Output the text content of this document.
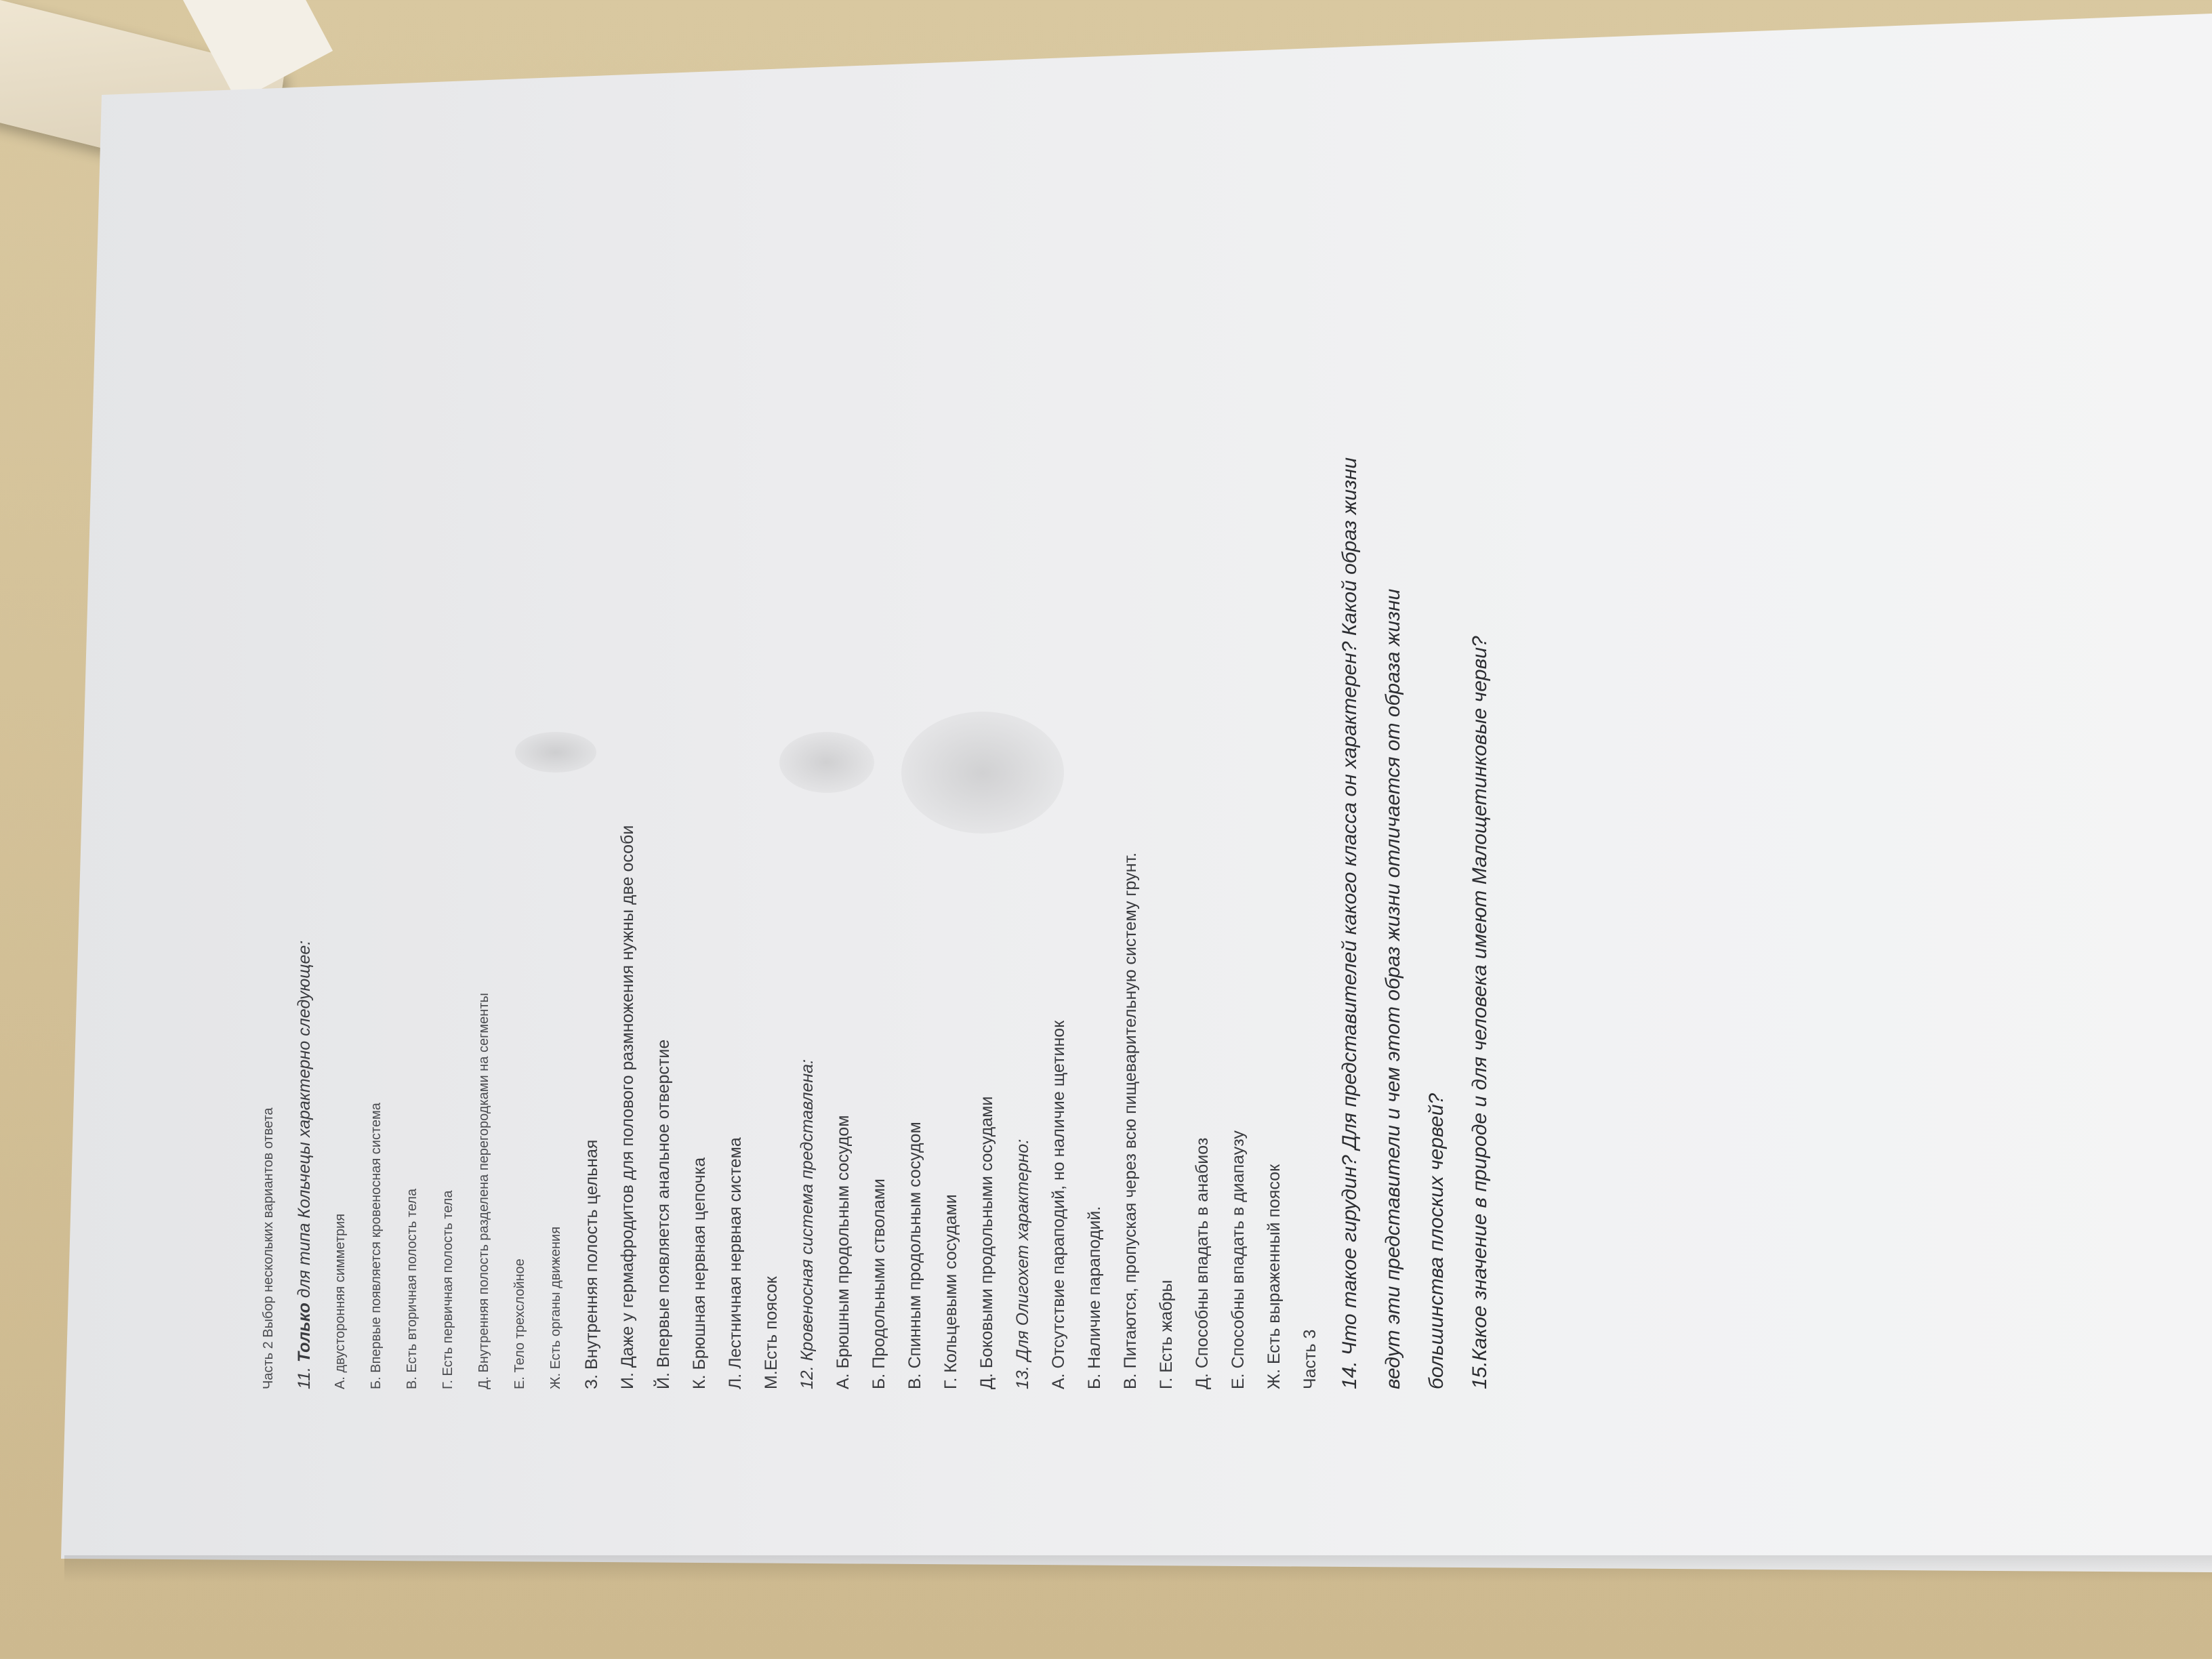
Часть 2 Выбор нескольких вариантов ответа	11. Только для типа Кольчецы характерно следующее:
А. двусторонняя симметрия	Б. Впервые появляется кровеносная система	В. Есть вторичная полость тела	Г. Есть первичная полость тела	Д. Внутренняя полость разделена перегородками на сегменты	Е. Тело трехслойное	Ж. Есть органы движения	З. Внутренняя полость цельная	И. Даже у гермафродитов для полового размножения нужны две особи	Й. Впервые появляется анальное отверстие	К. Брюшная нервная цепочка	Л. Лестничная нервная система	М.Есть поясок	12. Кровеносная система представлена:	А. Брюшным продольным сосудом	Б. Продольными стволами	В. Спинным продольным сосудом	Г. Кольцевыми сосудами	Д. Боковыми продольными сосудами	13. Для Олигохет характерно:	А. Отсутствие параподий, но наличие щетинок	Б. Наличие параподий.	В. Питаются, пропуская через всю пищеварительную систему грунт.	Г. Есть жабры	Д. Способны впадать в анабиоз	Е. Способны впадать в диапаузу	Ж. Есть выраженный поясок	Часть 3 14. Что такое гирудин? Для представителей какого класса он характерен? Какой образ жизни	ведут эти представители и чем этот образ жизни отличается от образа жизни	большинства плоских червей?	15.Какое значение в природе и для человека имеют Малощетинковые черви?
